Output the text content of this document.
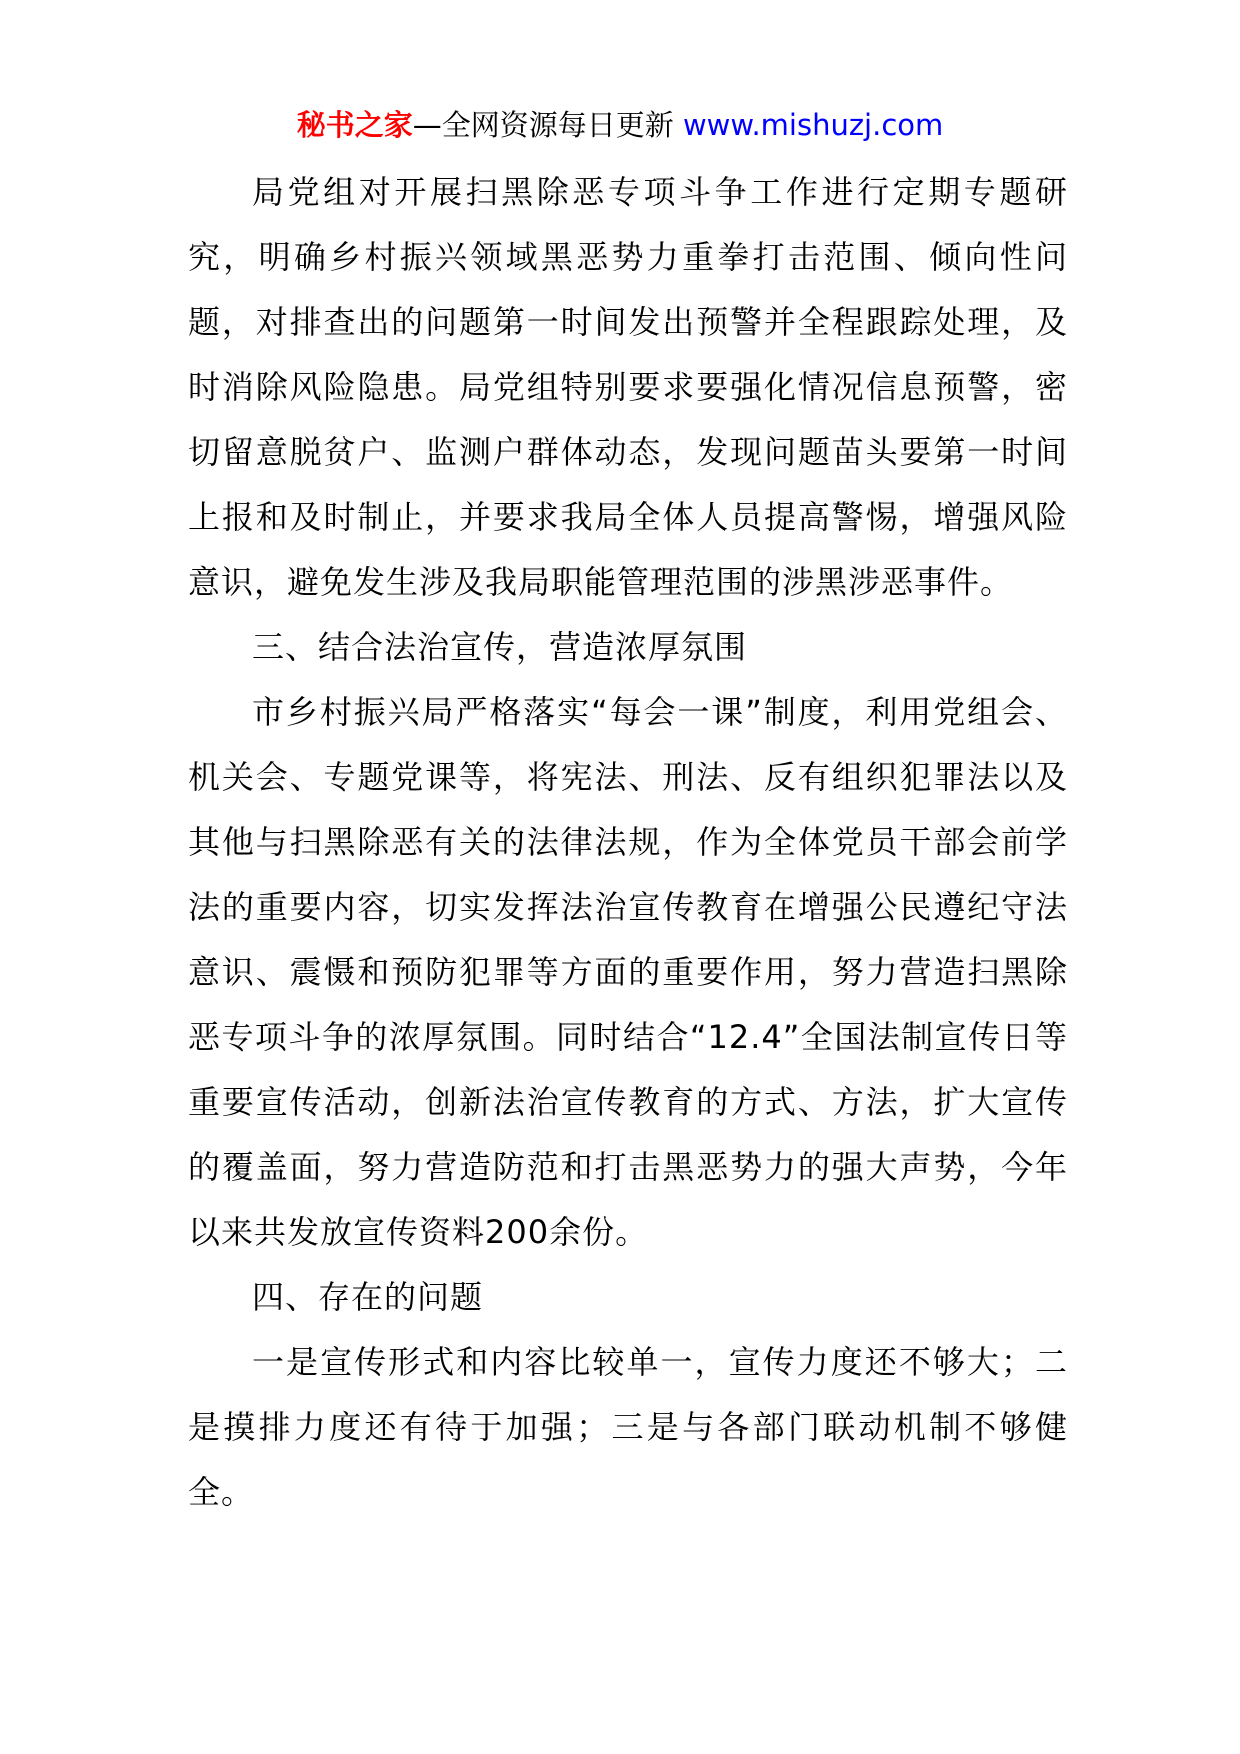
秘书之家—全网资源每日更新 www.mishuzj.com

局党组对开展扫黑除恶专项斗争工作进行定期专题研究，明确乡村振兴领域黑恶势力重拳打击范围、倾向性问题，对排查出的问题第一时间发出预警并全程跟踪处理，及时消除风险隐患。局党组特别要求要强化情况信息预警，密切留意脱贫户、监测户群体动态，发现问题苗头要第一时间上报和及时制止，并要求我局全体人员提高警惕，增强风险意识，避免发生涉及我局职能管理范围的涉黑涉恶事件。

三、结合法治宣传，营造浓厚氛围

市乡村振兴局严格落实“每会一课”制度，利用党组会、机关会、专题党课等，将宪法、刑法、反有组织犯罪法以及其他与扫黑除恶有关的法律法规，作为全体党员干部会前学法的重要内容，切实发挥法治宣传教育在增强公民遵纪守法意识、震慑和预防犯罪等方面的重要作用，努力营造扫黑除恶专项斗争的浓厚氛围。同时结合“12.4”全国法制宣传日等重要宣传活动，创新法治宣传教育的方式、方法，扩大宣传的覆盖面，努力营造防范和打击黑恶势力的强大声势，今年以来共发放宣传资料200余份。

四、存在的问题

一是宣传形式和内容比较单一，宣传力度还不够大；二是摸排力度还有待于加强；三是与各部门联动机制不够健全。
